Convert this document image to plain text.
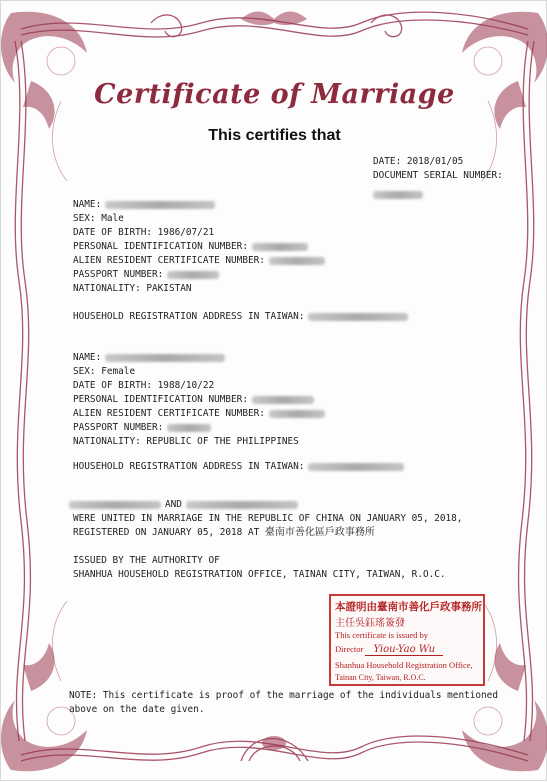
Certificate of Marriage
This certifies that
DATE: 2018/01/05
DOCUMENT SERIAL NUMBER:
NAME:
SEX: Male
DATE OF BIRTH: 1986/07/21
PERSONAL IDENTIFICATION NUMBER:
ALIEN RESIDENT CERTIFICATE NUMBER:
PASSPORT NUMBER:
NATIONALITY: PAKISTAN
HOUSEHOLD REGISTRATION ADDRESS IN TAIWAN:
NAME:
SEX: Female
DATE OF BIRTH: 1988/10/22
PERSONAL IDENTIFICATION NUMBER:
ALIEN RESIDENT CERTIFICATE NUMBER:
PASSPORT NUMBER:
NATIONALITY: REPUBLIC OF THE PHILIPPINES
HOUSEHOLD REGISTRATION ADDRESS IN TAIWAN:
AND
WERE UNITED IN MARRIAGE IN THE REPUBLIC OF CHINA ON JANUARY 05, 2018,
REGISTERED ON JANUARY 05, 2018 AT 臺南市善化區戶政事務所
ISSUED BY THE AUTHORITY OF
SHANHUA HOUSEHOLD REGISTRATION OFFICE, TAINAN CITY, TAIWAN, R.O.C.
本證明由臺南市善化戶政事務所
主任吳鈺瑤簽發
This certificate is issued by
Director Yiou-Yao Wu
Shanhua Household Registration Office,
Tainan City, Taiwan, R.O.C.
NOTE: This certificate is proof of the marriage of the individuals mentioned
above on the date given.
